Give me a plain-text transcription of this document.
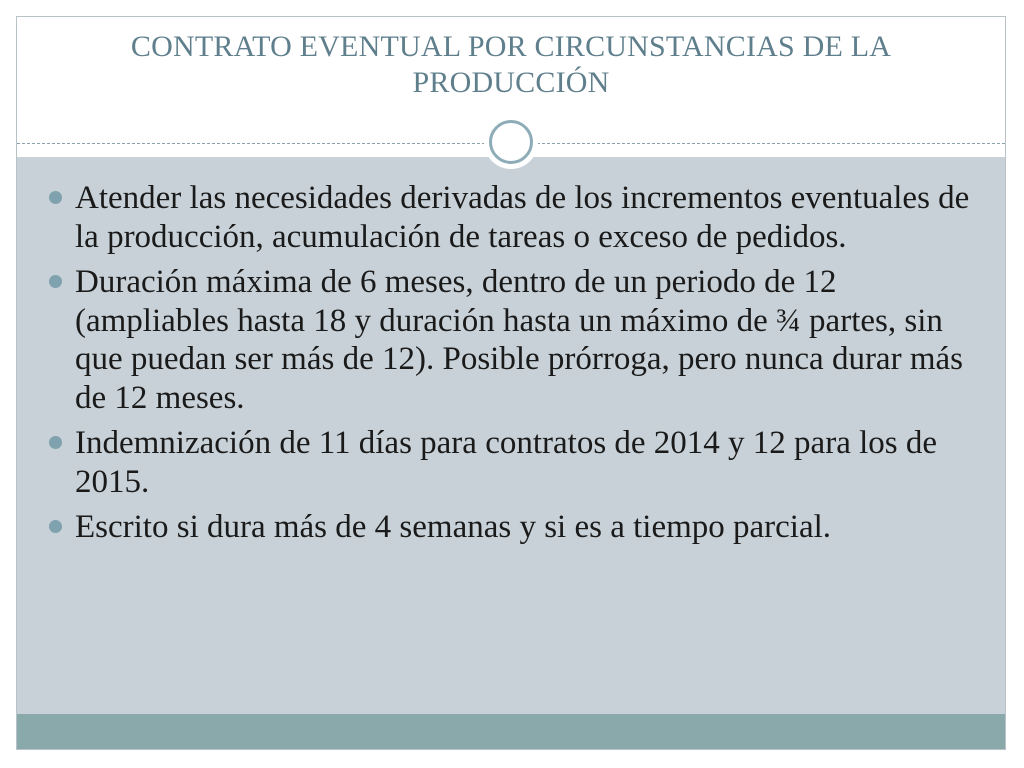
CONTRATO EVENTUAL POR CIRCUNSTANCIAS DE LA PRODUCCIÓN
Atender las necesidades derivadas de los incrementos eventuales de la producción, acumulación de tareas o exceso de pedidos.
Duración máxima de 6 meses, dentro de un periodo de 12 (ampliables hasta 18 y duración hasta un máximo de ¾ partes, sin que puedan ser más de 12). Posible prórroga, pero nunca durar más de 12 meses.
Indemnización de 11 días para contratos de 2014 y 12 para los de 2015.
Escrito si dura más de 4 semanas y si es a tiempo parcial.
